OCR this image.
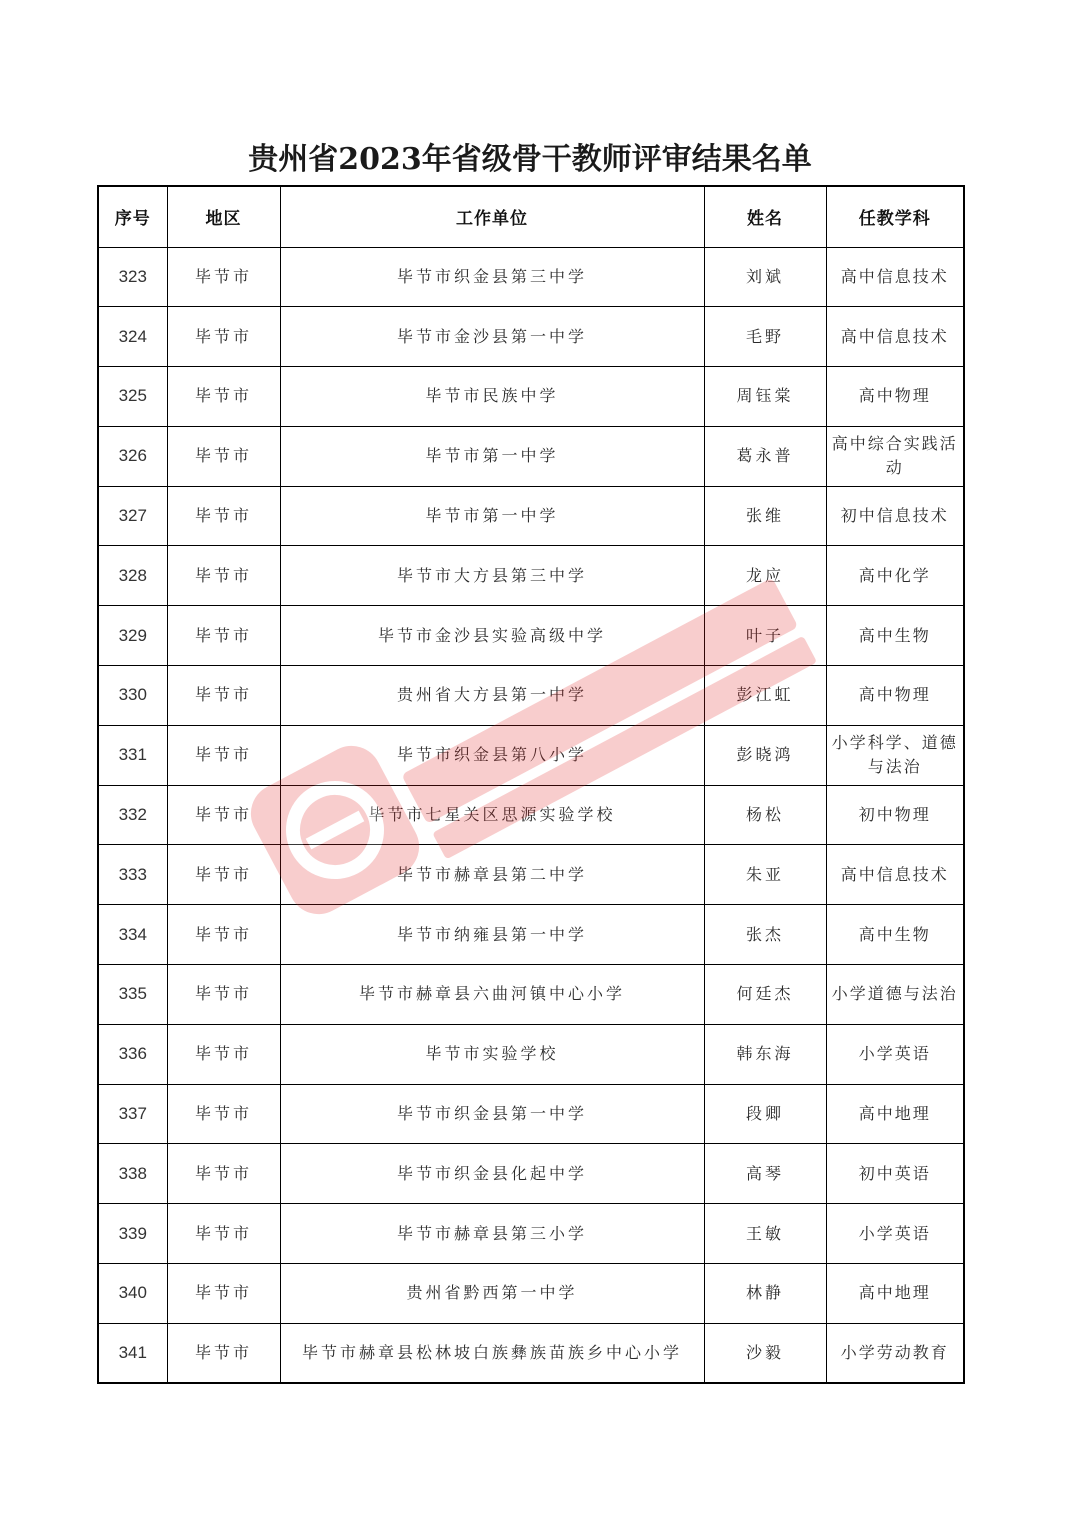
贵州省2023年省级骨干教师评审结果名单
序号	地区	工作单位	姓名	任教学科
323	毕节市	毕节市织金县第三中学	刘斌	高中信息技术
324	毕节市	毕节市金沙县第一中学	毛野	高中信息技术
325	毕节市	毕节市民族中学	周钰棠	高中物理
326	毕节市	毕节市第一中学	葛永普	高中综合实践活动
327	毕节市	毕节市第一中学	张维	初中信息技术
328	毕节市	毕节市大方县第三中学	龙应	高中化学
329	毕节市	毕节市金沙县实验高级中学	叶子	高中生物
330	毕节市	贵州省大方县第一中学	彭江虹	高中物理
331	毕节市	毕节市织金县第八小学	彭晓鸿	小学科学、道德与法治
332	毕节市	毕节市七星关区思源实验学校	杨松	初中物理
333	毕节市	毕节市赫章县第二中学	朱亚	高中信息技术
334	毕节市	毕节市纳雍县第一中学	张杰	高中生物
335	毕节市	毕节市赫章县六曲河镇中心小学	何廷杰	小学道德与法治
336	毕节市	毕节市实验学校	韩东海	小学英语
337	毕节市	毕节市织金县第一中学	段卿	高中地理
338	毕节市	毕节市织金县化起中学	高琴	初中英语
339	毕节市	毕节市赫章县第三小学	王敏	小学英语
340	毕节市	贵州省黔西第一中学	林静	高中地理
341	毕节市	毕节市赫章县松林坡白族彝族苗族乡中心小学	沙毅	小学劳动教育
